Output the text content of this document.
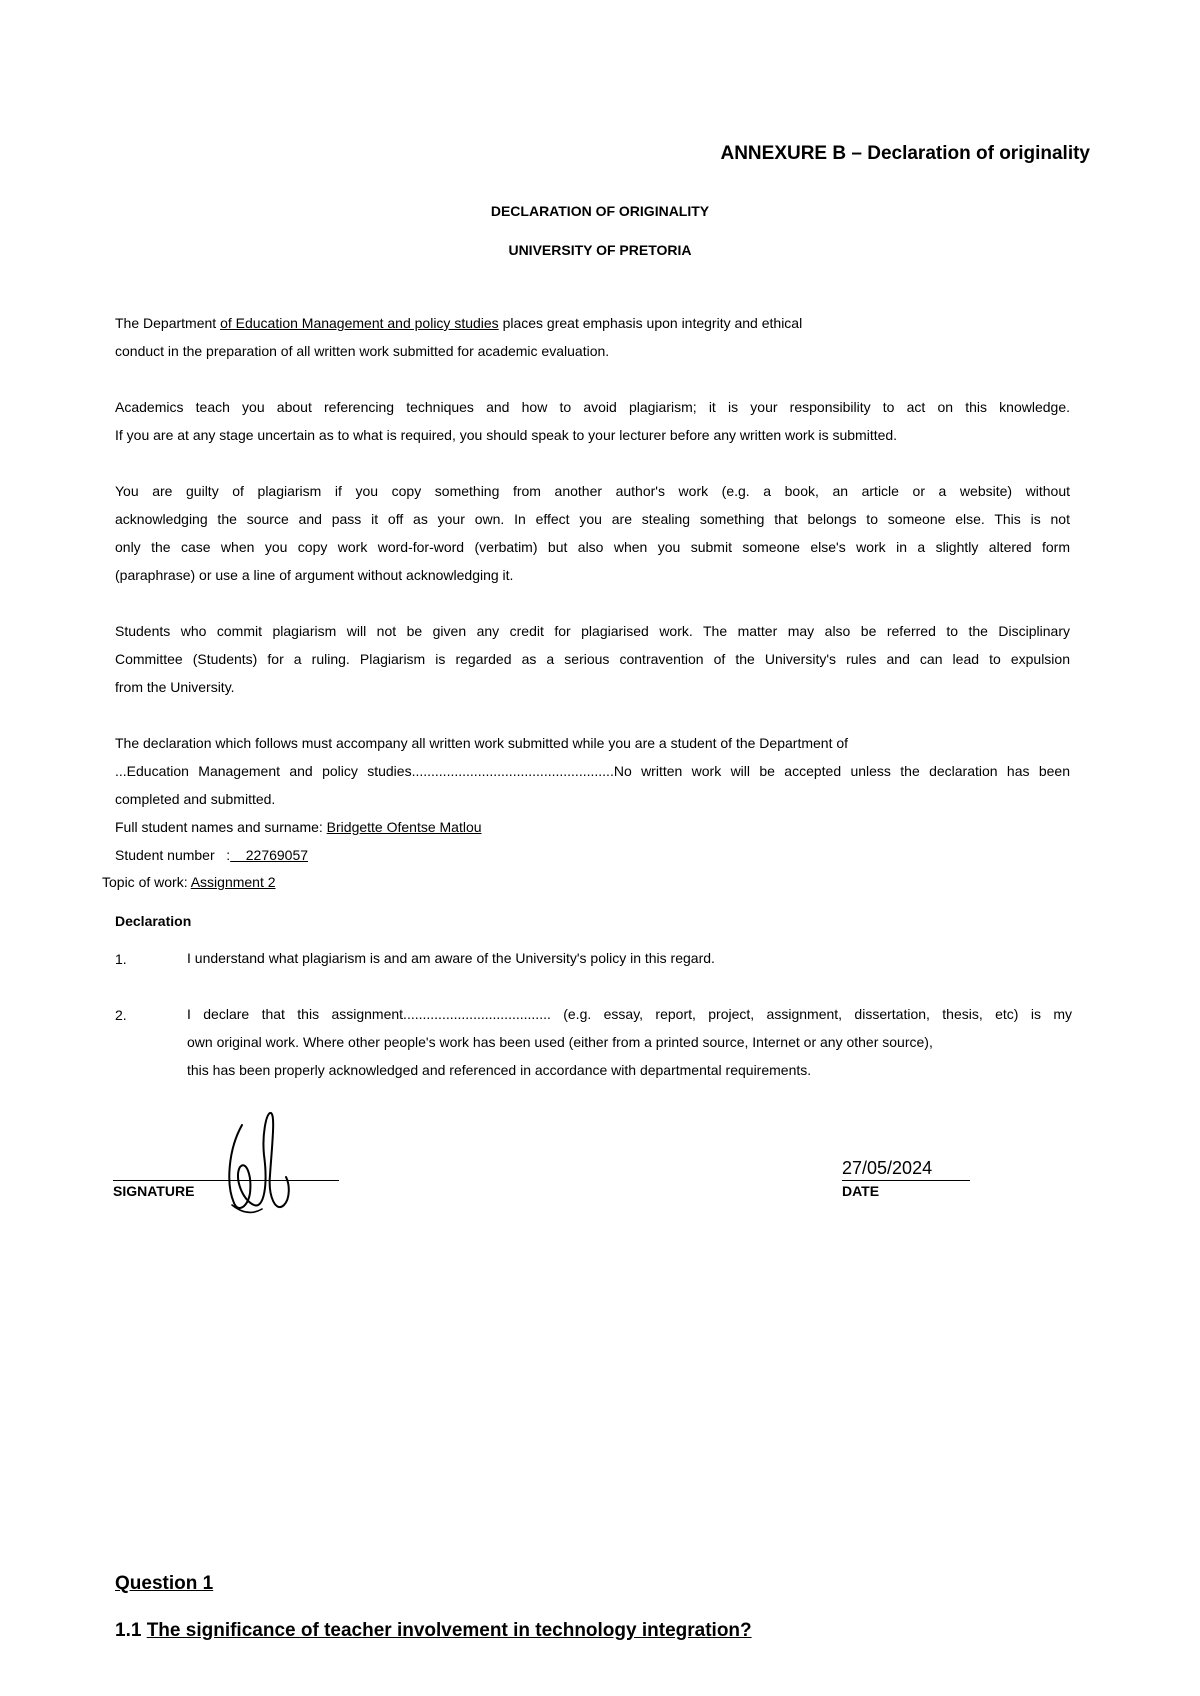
ANNEXURE B – Declaration of originality
DECLARATION OF ORIGINALITY
UNIVERSITY OF PRETORIA
The Department of Education Management and policy studies places great emphasis upon integrity and ethical
conduct in the preparation of all written work submitted for academic evaluation.
Academics teach you about referencing techniques and how to avoid plagiarism; it is your responsibility to act on this knowledge.
If you are at any stage uncertain as to what is required, you should speak to your lecturer before any written work is submitted.
You are guilty of plagiarism if you copy something from another author's work (e.g. a book, an article or a website) without
acknowledging the source and pass it off as your own. In effect you are stealing something that belongs to someone else. This is not
only the case when you copy work word-for-word (verbatim) but also when you submit someone else's work in a slightly altered form
(paraphrase) or use a line of argument without acknowledging it.
Students who commit plagiarism will not be given any credit for plagiarised work. The matter may also be referred to the Disciplinary
Committee (Students) for a ruling. Plagiarism is regarded as a serious contravention of the University's rules and can lead to expulsion
from the University.
The declaration which follows must accompany all written work submitted while you are a student of the Department of
...Education Management and policy studies....................................................No written work will be accepted unless the declaration has been
completed and submitted.
Full student names and surname: Bridgette Ofentse Matlou
Student number   :    22769057
Topic of work: Assignment 2
Declaration
1.	I understand what plagiarism is and am aware of the University's policy in this regard.
2.	I declare that this assignment...................................... (e.g. essay, report, project, assignment, dissertation, thesis, etc) is my
own original work. Where other people's work has been used (either from a printed source, Internet or any other source),
this has been properly acknowledged and referenced in accordance with departmental requirements.
SIGNATURE
27/05/2024
DATE
Question 1
1.1 The significance of teacher involvement in technology integration?
